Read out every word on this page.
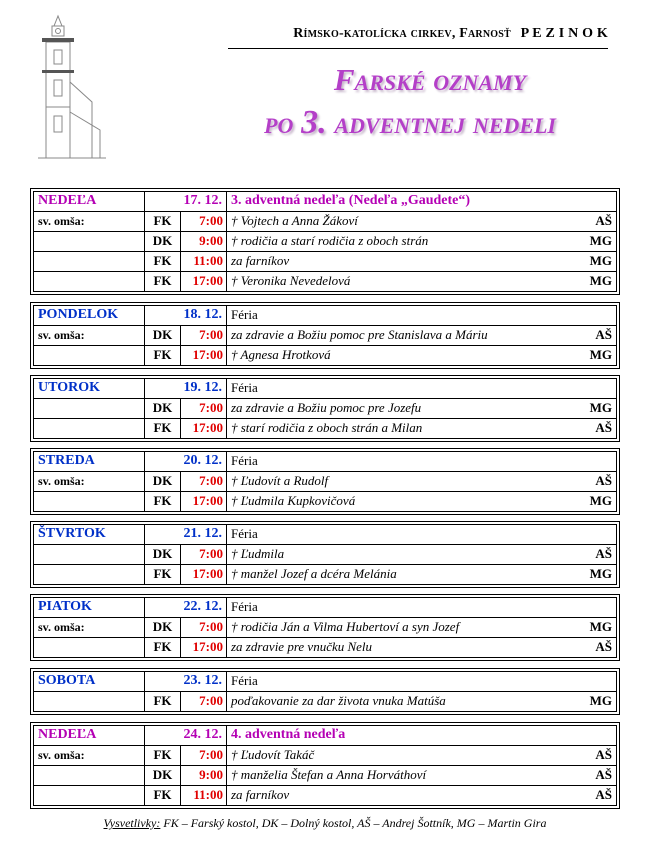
Rímsko-katolícka cirkev, Farnosť P E Z I N O K
Farské oznamy
po 3. adventnej nedeli
NEDEĽA	17. 12. 3. adventná nedeľa (Nedeľa „Gaudete“)
sv. omša:	FK	7:00 † Vojtech a Anna Žákoví	AŠ
DK	9:00 † rodičia a starí rodičia z oboch strán	MG
FK	11:00 za farníkov	MG
FK	17:00 † Veronika Nevedelová	MG
PONDELOK	18. 12. Féria
sv. omša:	DK	7:00 za zdravie a Božiu pomoc pre Stanislava a Máriu	AŠ
FK	17:00 † Agnesa Hrotková	MG
UTOROK	19. 12. Féria
DK	7:00 za zdravie a Božiu pomoc pre Jozefu	MG
FK	17:00 † starí rodičia z oboch strán a Milan	AŠ
STREDA	20. 12. Féria
sv. omša:	DK	7:00 † Ľudovít a Rudolf	AŠ
FK	17:00 † Ľudmila Kupkovičová	MG
ŠTVRTOK	21. 12. Féria
DK	7:00 † Ľudmila	AŠ
FK	17:00 † manžel Jozef a dcéra Melánia	MG
PIATOK	22. 12. Féria
sv. omša:	DK	7:00 † rodičia Ján a Vilma Hubertoví a syn Jozef	MG
FK	17:00 za zdravie pre vnučku Nelu	AŠ
SOBOTA	23. 12. Féria
FK	7:00 poďakovanie za dar života vnuka Matúša	MG
NEDEĽA	24. 12. 4. adventná nedeľa
sv. omša:	FK	7:00 † Ľudovít Takáč	AŠ
DK	9:00 † manželia Štefan a Anna Horváthoví	AŠ
FK	11:00 za farníkov	AŠ
Vysvetlivky: FK – Farský kostol, DK – Dolný kostol, AŠ – Andrej Šottník, MG – Martin Gira
